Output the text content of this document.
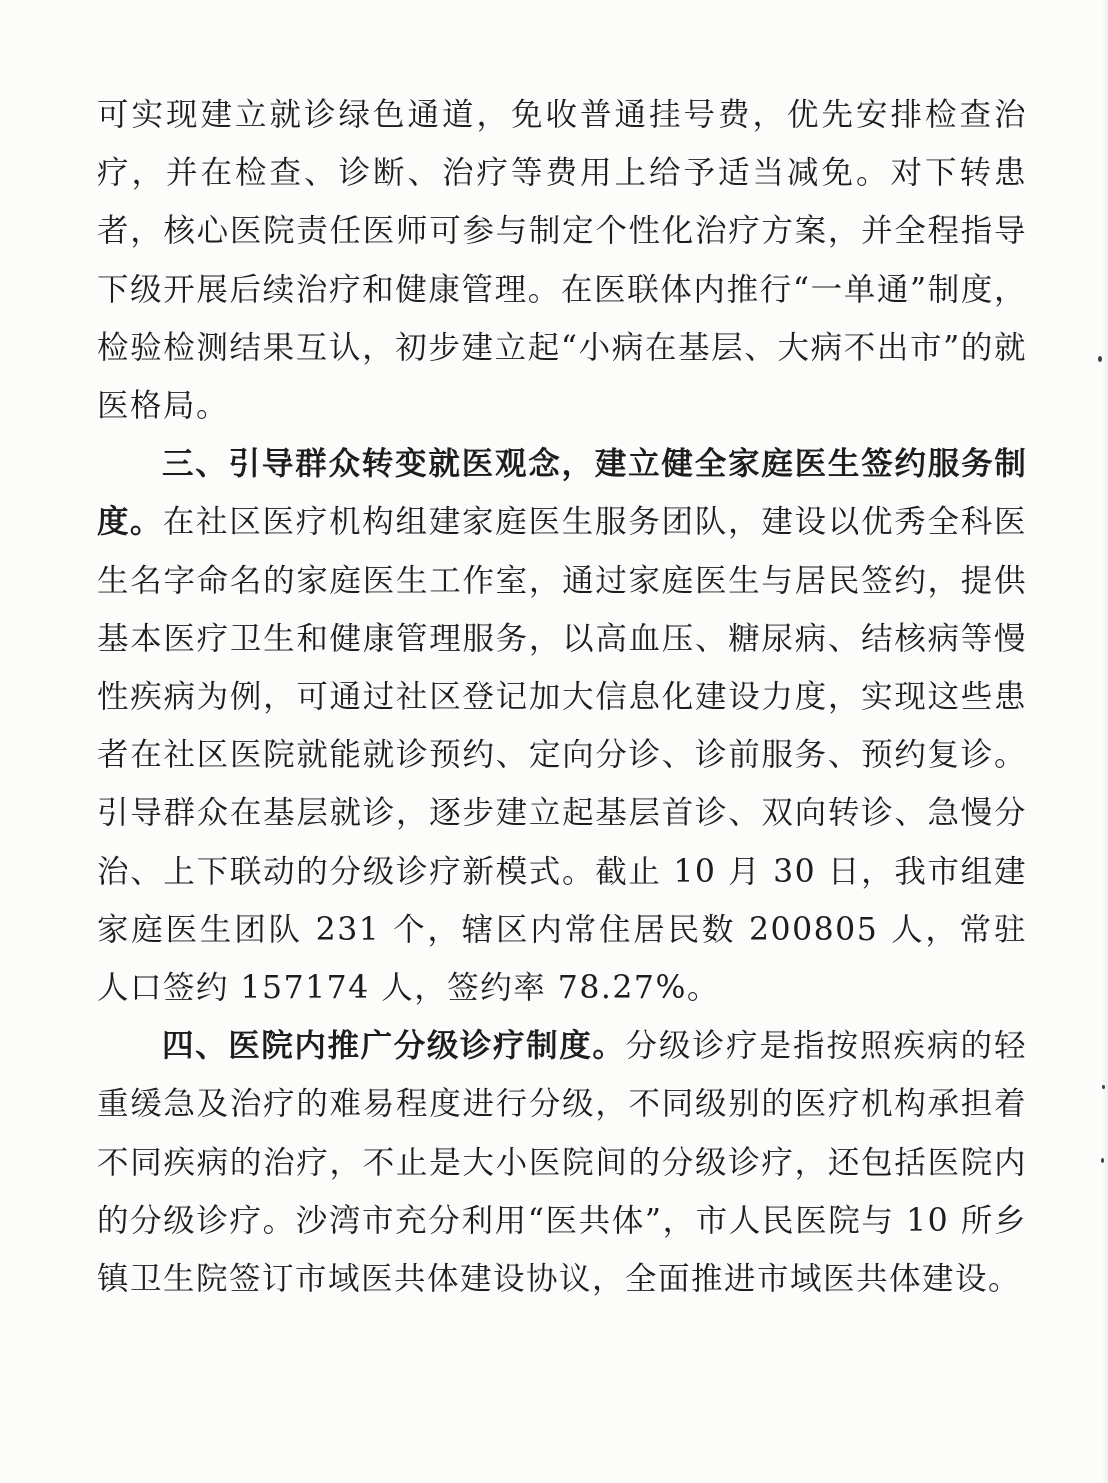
可实现建立就诊绿色通道，免收普通挂号费，优先安排检查治疗，并在检查、诊断、治疗等费用上给予适当减免。对下转患者，核心医院责任医师可参与制定个性化治疗方案，并全程指导下级开展后续治疗和健康管理。在医联体内推行“一单通”制度，检验检测结果互认，初步建立起“小病在基层、大病不出市”的就医格局。

三、引导群众转变就医观念，建立健全家庭医生签约服务制度。在社区医疗机构组建家庭医生服务团队，建设以优秀全科医生名字命名的家庭医生工作室，通过家庭医生与居民签约，提供基本医疗卫生和健康管理服务，以高血压、糖尿病、结核病等慢性疾病为例，可通过社区登记加大信息化建设力度，实现这些患者在社区医院就能就诊预约、定向分诊、诊前服务、预约复诊。引导群众在基层就诊，逐步建立起基层首诊、双向转诊、急慢分治、上下联动的分级诊疗新模式。截止 10 月 30 日，我市组建家庭医生团队 231 个，辖区内常住居民数 200805 人，常驻人口签约 157174 人，签约率 78.27%。

四、医院内推广分级诊疗制度。分级诊疗是指按照疾病的轻重缓急及治疗的难易程度进行分级，不同级别的医疗机构承担着不同疾病的治疗，不止是大小医院间的分级诊疗，还包括医院内的分级诊疗。沙湾市充分利用“医共体”，市人民医院与 10 所乡镇卫生院签订市域医共体建设协议，全面推进市域医共体建设。
